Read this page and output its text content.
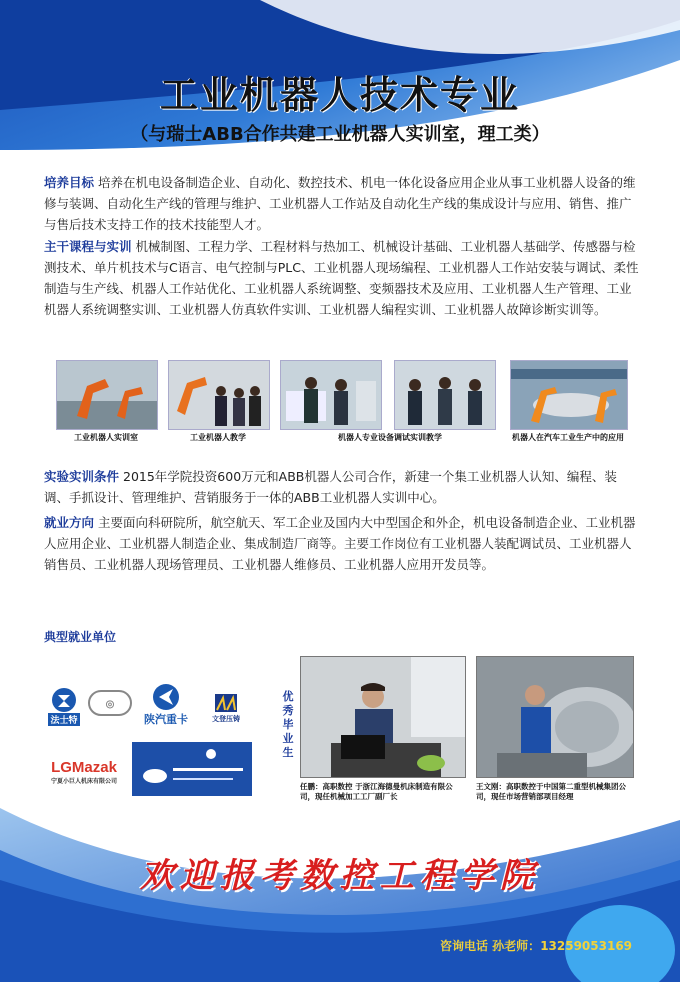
工业机器人技术专业
（与瑞士ABB合作共建工业机器人实训室，理工类）
培养目标 培养在机电设备制造企业、自动化、数控技术、机电一体化设备应用企业从事工业机器人设备的维修与装调、自动化生产线的管理与维护、工业机器人工作站及自动化生产线的集成设计与应用、销售、推广与售后技术支持工作的技术技能型人才。
主干课程与实训 机械制图、工程力学、工程材料与热加工、机械设计基础、工业机器人基础学、传感器与检测技术、单片机技术与C语言、电气控制与PLC、工业机器人现场编程、工业机器人工作站安装与调试、柔性制造与生产线、机器人工作站优化、工业机器人系统调整、变频器技术及应用、工业机器人生产管理、工业机器人系统调整实训、工业机器人仿真软件实训、工业机器人编程实训、工业机器人故障诊断实训等。
工业机器人实训室	工业机器人教学	机器人专业设备调试实训教学	机器人在汽车工业生产中的应用
实验实训条件 2015年学院投资600万元和ABB机器人公司合作，新建一个集工业机器人认知、编程、装调、手抓设计、管理维护、营销服务于一体的ABB工业机器人实训中心。
就业方向 主要面向科研院所，航空航天、军工企业及国内大中型国企和外企，机电设备制造企业、工业机器人应用企业、工业机器人制造企业、集成制造厂商等。主要工作岗位有工业机器人装配调试员、工业机器人销售员、工业机器人现场管理员、工业机器人维修员、工业机器人应用开发员等。
典型就业单位
法士特
◎
陕汽重卡	文登压铸
LGMazak
宁夏小巨人机床有限公司
优秀毕业生
任鹏：高职数控 于浙江海德曼机床制造有限公司，现任机械加工工厂副厂长
王文刚：高职数控于中国第二重型机械集团公司，现任市场营销部项目经理
欢迎报考数控工程学院
咨询电话 孙老师：13259053169
